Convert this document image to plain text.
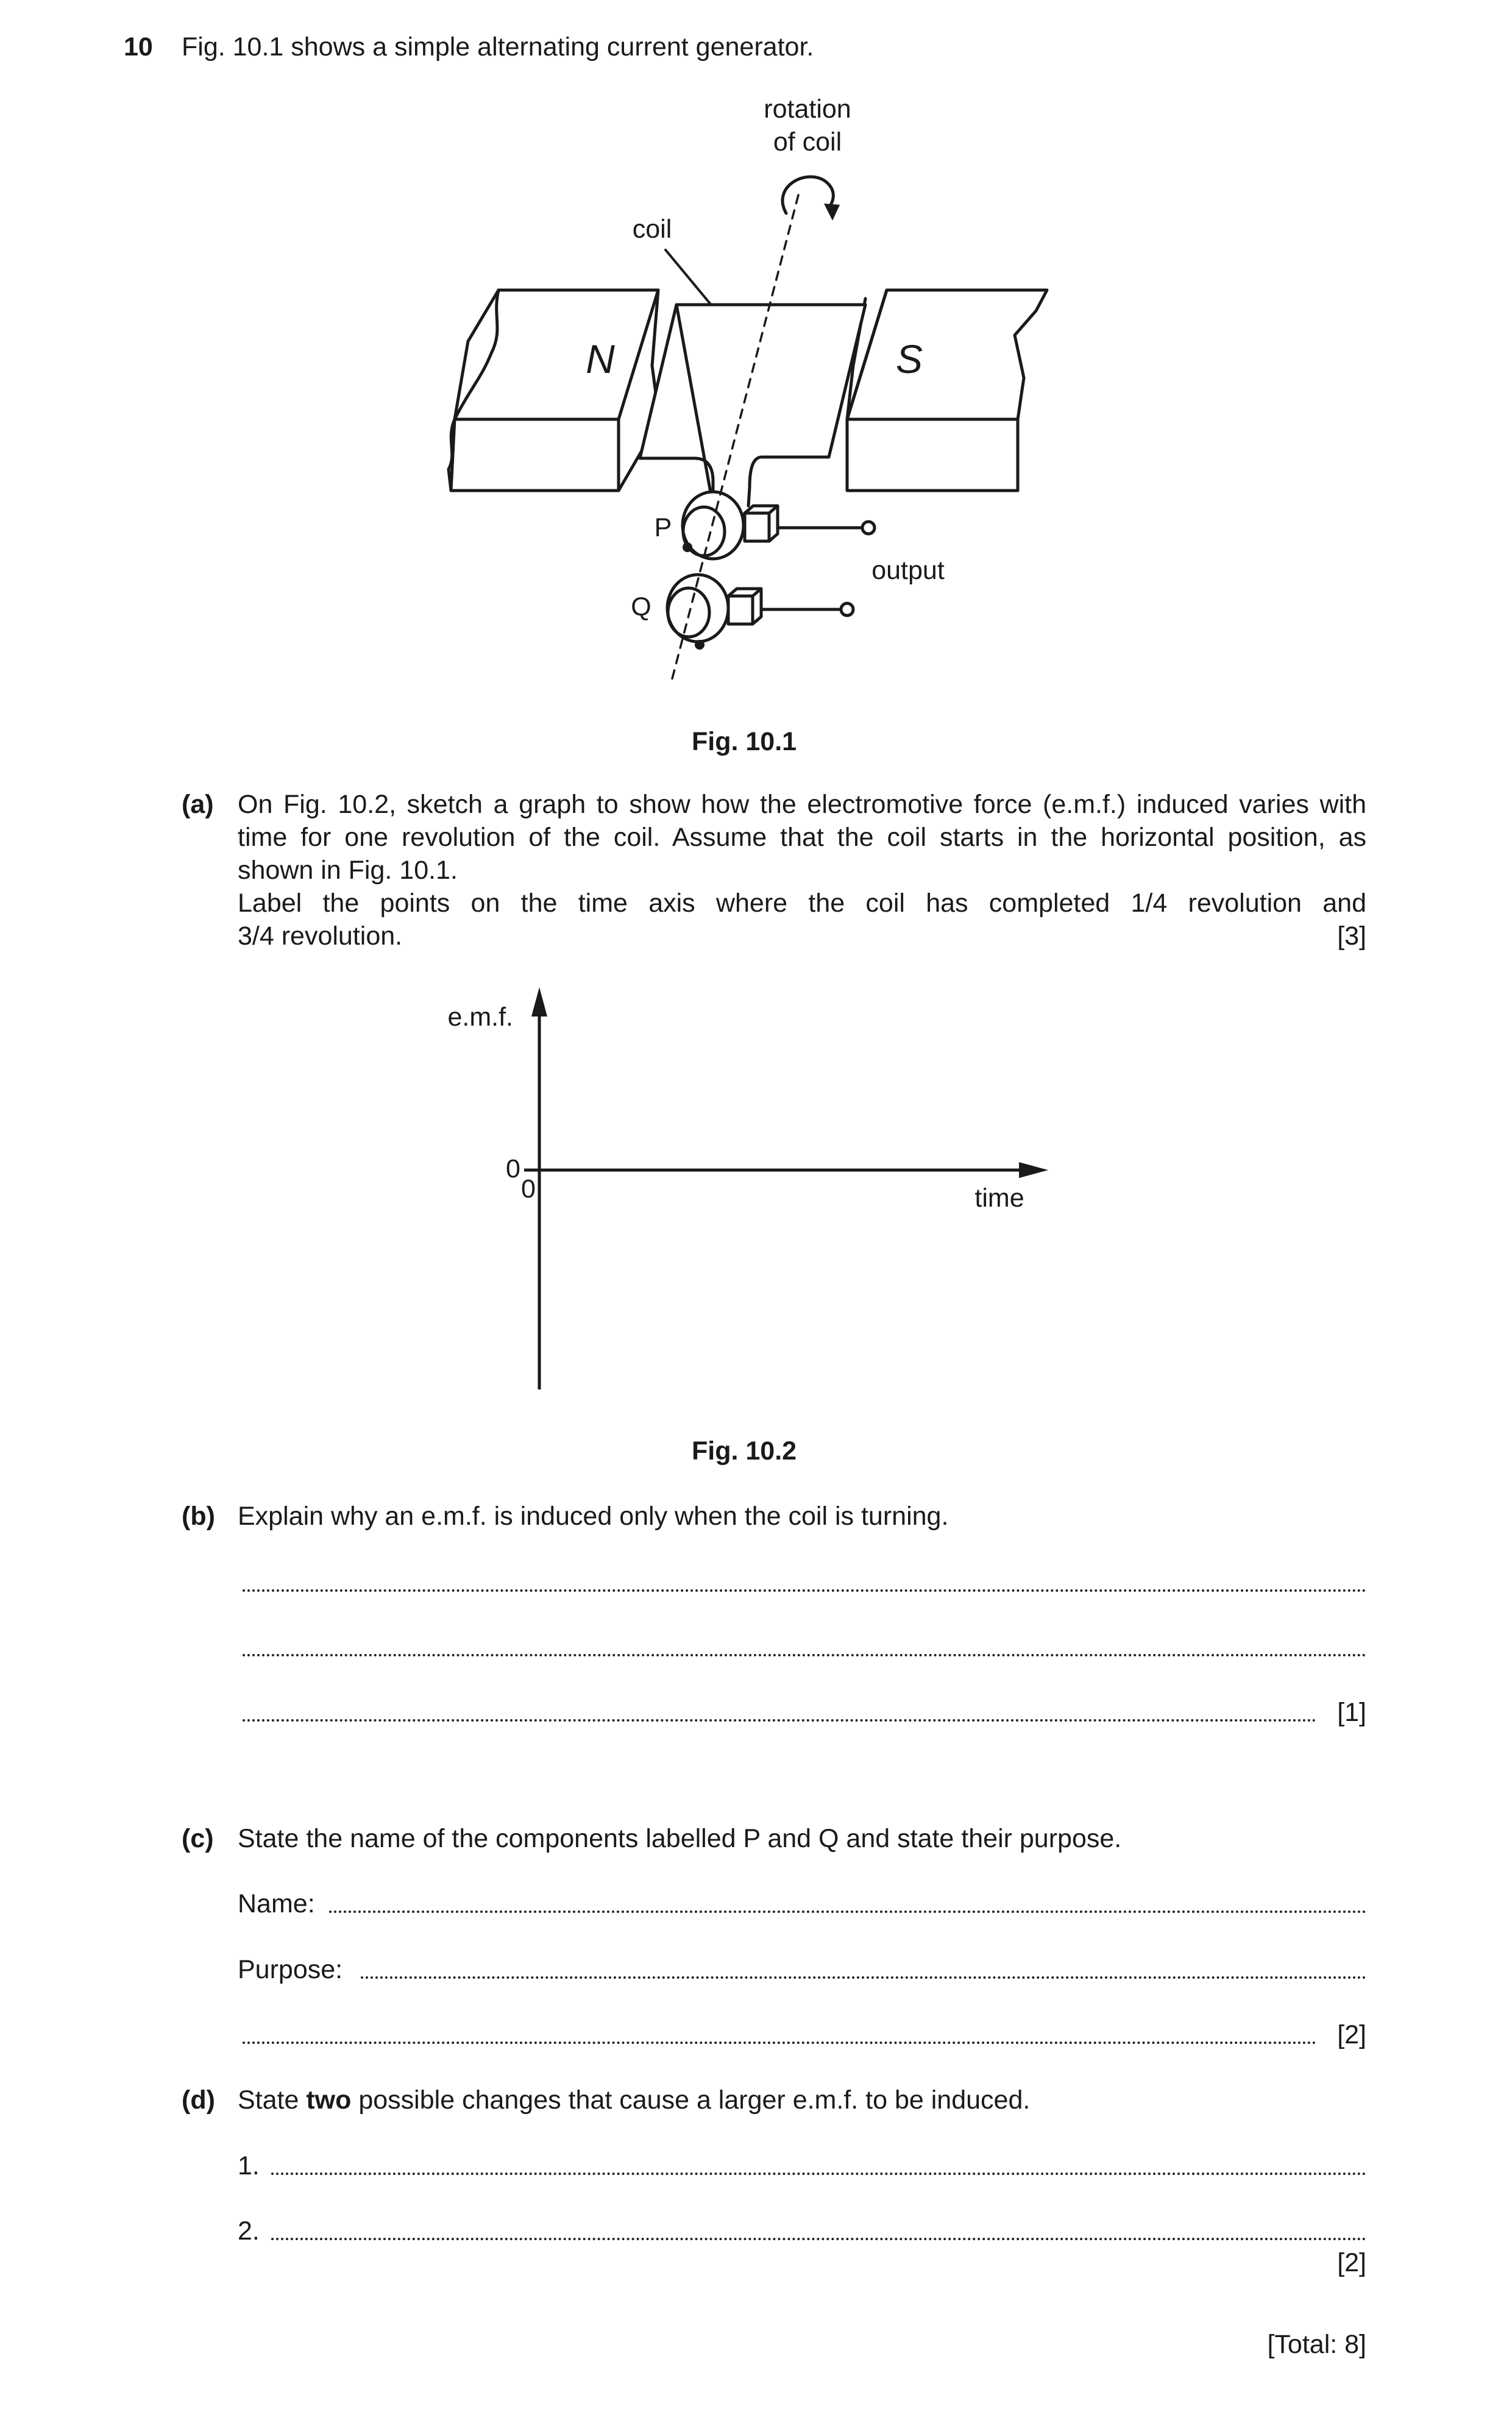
10 Fig. 10.1 shows a simple alternating current generator.
rotation
of coil
coil
N	S
P
Q
output
Fig. 10.1
(a) On Fig. 10.2, sketch a graph to show how the electromotive force (e.m.f.) induced varies with
time for one revolution of the coil. Assume that the coil starts in the horizontal position, as
shown in Fig. 10.1.
Label the points on the time axis where the coil has completed 1/4 revolution and
3/4 revolution.	[3]
e.m.f.
time
0
0
Fig. 10.2
(b) Explain why an e.m.f. is induced only when the coil is turning.
[1]
(c) State the name of the components labelled P and Q and state their purpose.
Name:
Purpose:
[2]
(d) State two possible changes that cause a larger e.m.f. to be induced.
1.
2.
[2]
[Total: 8]
